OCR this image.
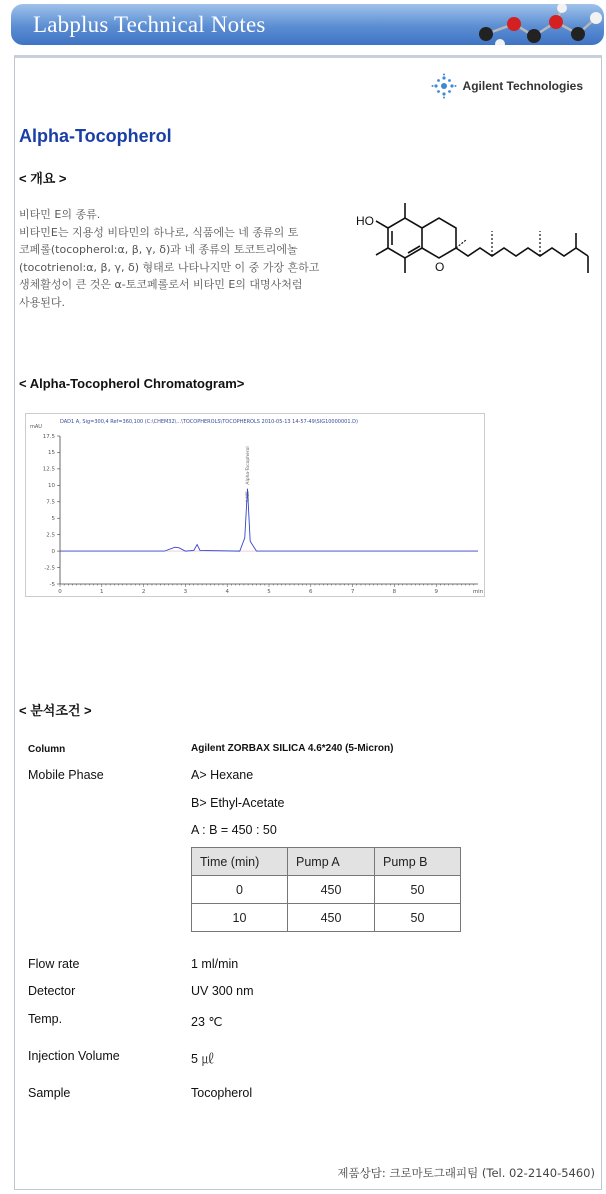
Labplus Technical Notes
Agilent Technologies
Alpha-Tocopherol
< 개요 >
비타민 E의 종류.
비타민E는 지용성 비타민의 하나로, 식품에는 네 종류의 토
코페롤(tocopherol:α, β, γ, δ)과 네 종류의 토코트리에놀
(tocotrienol:α, β, γ, δ) 형태로 나타나지만 이 중 가장 흔하고
생체활성이 큰 것은 α-토코페롤로서 비타민 E의 대명사처럼
사용된다.
HO
O
< Alpha-Tocopherol Chromatogram>
DAD1 A, Sig=300,4 Ref=360,100 (C:\CHEM32\...\TOCOPHEROLS\TOCOPHEROLS 2010-05-13 14-57-49\SIG10000001.D)
mAU
17.5
15
12.5
10
7.5
5
2.5
0
-2.5
-5
0	1	2	3	4	5	6	7	8	9	min
Alpha-Tocopherol
4.485
< 분석조건 >
Column	Agilent ZORBAX SILICA 4.6*240 (5-Micron)
Mobile Phase	A> Hexane
B> Ethyl-Acetate
A : B = 450 : 50
Time (min)	Pump A	Pump B
0	450	50
10	450	50
Flow rate	1 ml/min
Detector	UV 300 nm
Temp.	23 ℃
Injection Volume	5 ㎕
Sample	Tocopherol
제품상담: 크로마토그래피팀 (Tel. 02-2140-5460)
